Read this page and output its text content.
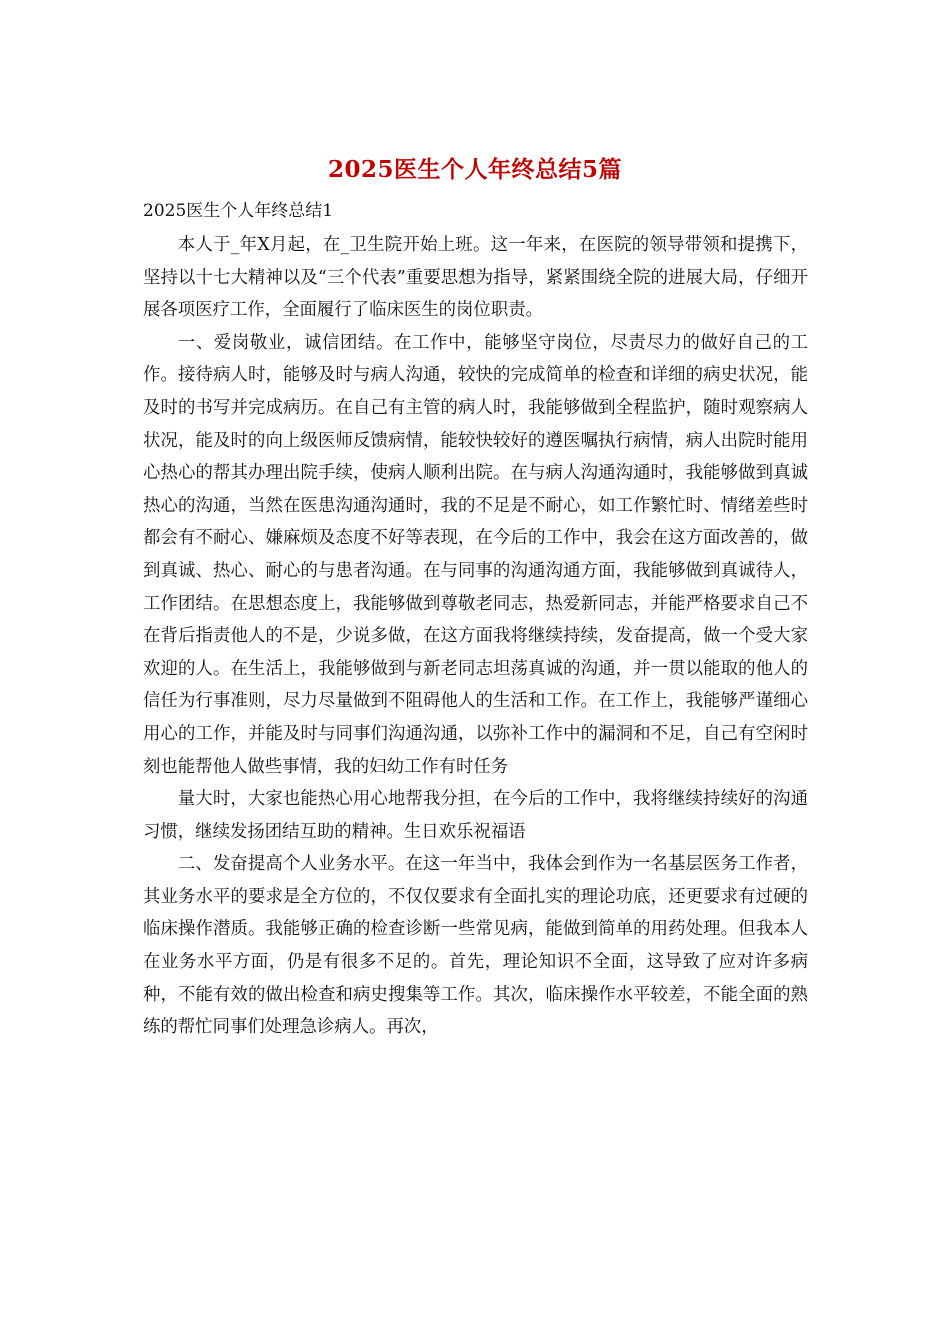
2025医生个人年终总结5篇
2025医生个人年终总结1

本人于_年X月起，在_卫生院开始上班。这一年来，在医院的领导带领和提携下，坚持以十七大精神以及“三个代表”重要思想为指导，紧紧围绕全院的进展大局，仔细开展各项医疗工作，全面履行了临床医生的岗位职责。

一、爱岗敬业，诚信团结。在工作中，能够坚守岗位，尽责尽力的做好自己的工作。接待病人时，能够及时与病人沟通，较快的完成简单的检查和详细的病史状况，能及时的书写并完成病历。在自己有主管的病人时，我能够做到全程监护，随时观察病人状况，能及时的向上级医师反馈病情，能较快较好的遵医嘱执行病情，病人出院时能用心热心的帮其办理出院手续，使病人顺利出院。在与病人沟通沟通时，我能够做到真诚热心的沟通，当然在医患沟通沟通时，我的不足是不耐心，如工作繁忙时、情绪差些时都会有不耐心、嫌麻烦及态度不好等表现，在今后的工作中，我会在这方面改善的，做到真诚、热心、耐心的与患者沟通。在与同事的沟通沟通方面，我能够做到真诚待人，工作团结。在思想态度上，我能够做到尊敬老同志，热爱新同志，并能严格要求自己不在背后指责他人的不是，少说多做，在这方面我将继续持续，发奋提高，做一个受大家欢迎的人。在生活上，我能够做到与新老同志坦荡真诚的沟通，并一贯以能取的他人的信任为行事准则，尽力尽量做到不阻碍他人的生活和工作。在工作上，我能够严谨细心用心的工作，并能及时与同事们沟通沟通，以弥补工作中的漏洞和不足，自己有空闲时刻也能帮他人做些事情，我的妇幼工作有时任务

量大时，大家也能热心用心地帮我分担，在今后的工作中，我将继续持续好的沟通习惯，继续发扬团结互助的精神。生日欢乐祝福语

二、发奋提高个人业务水平。在这一年当中，我体会到作为一名基层医务工作者，其业务水平的要求是全方位的，不仅仅要求有全面扎实的理论功底，还更要求有过硬的临床操作潜质。我能够正确的检查诊断一些常见病，能做到简单的用药处理。但我本人在业务水平方面，仍是有很多不足的。首先，理论知识不全面，这导致了应对许多病种，不能有效的做出检查和病史搜集等工作。其次，临床操作水平较差，不能全面的熟练的帮忙同事们处理急诊病人。再次，
